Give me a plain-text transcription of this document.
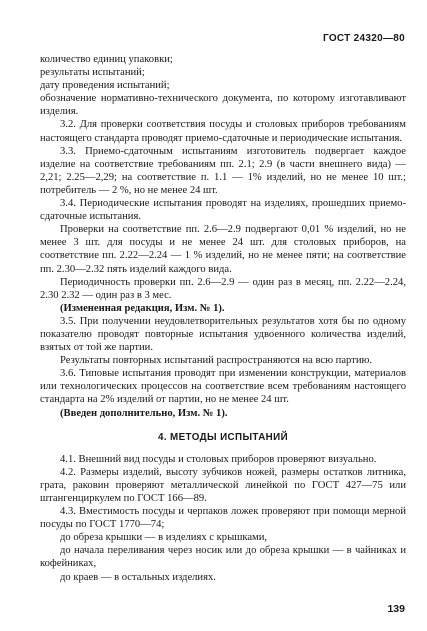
ГОСТ 24320—80

количество единиц упаковки;

результаты испытаний;

дату проведения испытаний;

обозначение нормативно-технического документа, по которому изготавливают изделия.

3.2. Для проверки соответствия посуды и столовых приборов требованиям настоящего стандарта проводят приемо-сдаточные и периодические испытания.

3.3. Приемо-сдаточным испытаниям изготовитель подвергает каждое изделие на соответствие требованиям пп. 2.1; 2.9 (в части внешнего вида) — 2,21; 2.25—2,29; на соответствие п. 1.1 — 1% изделий, но не менее 10 шт.; потребитель — 2 %, но не менее 24 шт.

3.4. Периодические испытания проводят на изделиях, прошедших приемо-сдаточные испытания.

Проверки на соответствие пп. 2.6—2.9 подвергают 0,01 % изделий, но не менее 3 шт. для посуды и не менее 24 шт. для столовых приборов, на соответствие пп. 2.22—2.24 — 1 % изделий, но не менее пяти; на соответствие пп. 2.30—2.32 пять изделий каждого вида.

Периодичность проверки пп. 2.6—2.9 — один раз в месяц, пп. 2.22—2.24, 2.30 2.32 — один раз в 3 мес.

(Измененная редакция, Изм. № 1).

3.5. При получении неудовлетворительных результатов хотя бы по одному показателю проводят повторные испытания удвоенного количества изделий, взятых от той же партии.

Результаты повторных испытаний распространяются на всю партию.

3.6. Типовые испытания проводят при изменении конструкции, материалов или технологических процессов на соответствие всем требованиям настоящего стандарта на 2% изделий от партии, но не менее 24 шт.

(Введен дополнительно, Изм. № 1).

4. МЕТОДЫ ИСПЫТАНИЙ

4.1. Внешний вид посуды и столовых приборов проверяют визуально.

4.2. Размеры изделий, высоту зубчиков ножей, размеры остатков литника, грата, раковин проверяют металлической линейкой по ГОСТ 427—75 или штангенциркулем по ГОСТ 166—89.

4.3. Вместимость посуды и черпаков ложек проверяют при помощи мерной посуды по ГОСТ 1770—74;

до обреза крышки — в изделиях с крышками,

до начала переливания через носик или до обреза крышки — в чайниках и кофейниках,

до краев — в остальных изделиях.

139
